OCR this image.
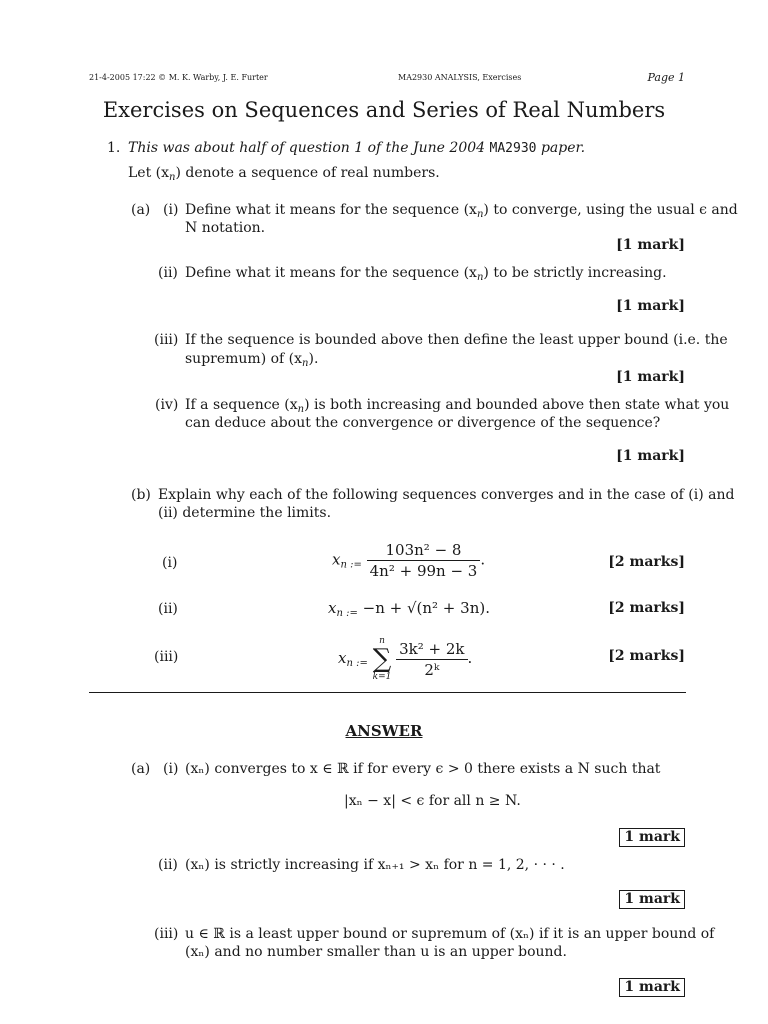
21-4-2005 17:22 © M. K. Warby, J. E. Furter	MA2930 ANALYSIS, Exercises	Page 1
Exercises on Sequences and Series of Real Numbers
1. This was about half of question 1 of the June 2004 MA2930 paper.
Let $(x_n)$ denote a sequence of real numbers.
(a) (i) Define what it means for the sequence $(x_n)$ to converge, using the usual ϵ and
N notation.
[1 mark]
(ii) Define what it means for the sequence $(x_n)$ to be strictly increasing.
[1 mark]
(iii) If the sequence is bounded above then define the least upper bound (i.e. the
supremum) of $(x_n)$.
[1 mark]
(iv) If a sequence $(x_n)$ is both increasing and bounded above then state what you
can deduce about the convergence or divergence of the sequence?
[1 mark]
(b) Explain why each of the following sequences converges and in the case of (i) and
(ii) determine the limits.
(i)	$x_{n :=} \frac{\text{103n² − 8}}{\text{4n² + 99n − 3}}$ .	[2 marks]
(ii)	$x_{n :=} -n + √(n^2 + 3n)$.	[2 marks]
(iii)	$x_{n :=}$
n
∑
k=1
$\frac{\text{3k² + 2k}}{\text{2ᵏ}}$ .	[2 marks]
ANSWER
(a) (i) (xₙ) converges to x ∈ ℝ if for every ϵ > 0 there exists a N such that
|xₙ − x| < ϵ for all n ≥ N.
1 mark
(ii) (xₙ) is strictly increasing if xₙ₊₁ > xₙ for n = 1, 2, · · · .
1 mark
(iii) u ∈ ℝ is a least upper bound or supremum of (xₙ) if it is an upper bound of
(xₙ) and no number smaller than u is an upper bound.
1 mark
